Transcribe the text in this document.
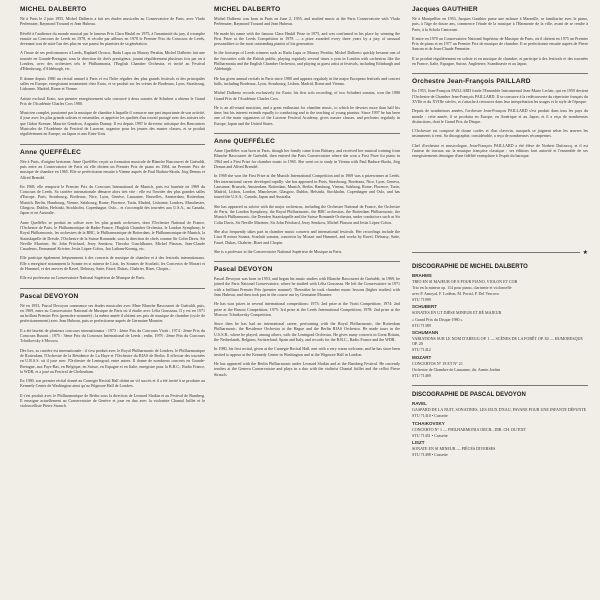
MICHEL DALBERTO

Né à Paris le 2 juin 1955, Michel Dalberto a fait ses études musicales au Conservatoire de Paris, avec Vlado Perlemuter, Raymond Trouard et Jean Hubeau.

Révélé à l'audience du monde musical par le fameux Prix Clara Haskil en 1975, à l'unanimité du jury, il triomphe ensuite au Concours de Leeds en 1978, et récolte par ailleurs en 1978 le Premier Prix du Concours de Leeds, devenant tout de suite l'un des plus en vue parmi les pianistes de sa génération.

A l'issue de ses performances à Leeds, Raphaël Orozco, Radu Lupu ou Murray Perahia, Michel Dalberto fait une tournée en Grande-Bretagne, sous la direction de chefs prestigieux, jouant régulièrement plusieurs fois par an à Londres, avec des orchestres tels le Philharmonia, l'English Chamber Orchestra, et invité au Festival d'Edimbourg, d'Aldeburgh, etc.

Il donne depuis 1980 un récital annuel à Paris et est l'hôte régulier des plus grands festivals et des principales salles en Europe, enregistrant notamment chez Erato, et se produit sur les scènes de Bordeaux, Lyon, Strasbourg, Lisbonne, Madrid, Rome et Vienne.

Artiste exclusif Erato, son premier enregistrement solo consacré à deux sonates de Schubert a obtenu le Grand Prix de l'Académie Charles Cros 1980.

Musicien complet, passionné par la musique de chambre à laquelle il consacre une part importante de son activité, il joue avec les plus grands solistes et ensembles, et apprécie les qualités d'un travail partagé avec des artistes tels que Gidon Kremer, Maurice Gendron, Augustin Dumay. Il est depuis 1997 le directeur artistique des Rencontres Musicales de l'Académie du Festival de Lucerne, organise pour les jeunes des master classes, et se produit régulièrement en Europe, au Japon et aux Etats-Unis.

Anne QUEFFÉLEC

Née à Paris, d'origine bretonne, Anne Queffélec reçoit sa formation musicale de Blanche Bascourret de Guéraldi, puis entre au Conservatoire de Paris où elle obtient un Premier Prix de piano en 1964, un Premier Prix de musique de chambre en 1965. Elle se perfectionne ensuite à Vienne auprès de Paul Badura-Skoda, Jörg Demus et Alfred Brendel.

En 1968, elle remporte le Premier Prix du Concours International de Munich, puis est lauréate en 1969 du Concours de Leeds. Sa carrière internationale démarre alors très vite : elle est l'invitée des plus grandes salles d'Europe, Paris, Strasbourg, Bordeaux, Nice, Lyon, Genève, Lausanne, Bruxelles, Amsterdam, Rotterdam, Munich, Berlin, Hambourg, Vienne, Salzbourg, Rome, Florence, Turin, Madrid, Lisbonne, Londres, Manchester, Glasgow, Dublin, Helsinki, Stockholm, Copenhague, Oslo... et s'accomplit des tournées aux U.S.A., au Canada, Japon et en Australie.

Anne Queffélec se produit en soliste avec les plus grands orchestres, dont l'Orchestre National de France, l'Orchestre de Paris, le Philharmonique de Radio-France, l'English Chamber Orchestra, le London Symphony, le Royal Philharmonic, les orchestres de la BBC, le Philharmonique de Rotterdam, le Philharmonique de Munich, la Staatskapelle de Dresde, l'Orchestre de la Suisse Romande, sous la direction de chefs comme Sir Colin Davis, Sir Neville Marriner, Sir John Pritchard, Jerzy Semkow, Theodor Guschlbauer, Michel Plasson, Jean-Claude Casadesus, Emmanuel Krivine, Jesús López-Cobos, Jan Latham-Koenig, etc.

Elle participe également fréquemment à des concerts de musique de chambre et à des festivals internationaux. Elle a enregistré notamment la Sonate en si mineur de Liszt, les Sonates de Scarlatti, les Concertos de Mozart et de Hummel, et des œuvres de Ravel, Debussy, Satie, Fauré, Dukas, Chabrier, Bizet, Chopin...

Elle est professeur au Conservatoire National Supérieur de Musique de Paris.

Pascal DEVOYON

Né en 1953, Pascal Devoyon commence ses études musicales avec Mme Blanche Bascourret de Guéraldi, puis, en 1969, entre au Conservatoire National de Musique de Paris où il étudie avec Lélia Gousseau. Il y est en 1971 un brillant Premier Prix (première nommée) ; la même année il obtient ses prix de musique de chambre (cycle de perfectionnement) avec Jean Hubeau, puis se perfectionne auprès de Germaine Mounier.

Il a été lauréat de plusieurs concours internationaux : 1973 : 2ème Prix du Concours Viotti ; 1974 : 2ème Prix du Concours Busoni ; 1975 : 3ème Prix du Concours International de Leeds ; enfin, 1978 : 2ème Prix du Concours Tchaïkovsky à Moscou.

Dès lors, sa carrière est internationale : il s'est produit avec le Royal Philharmonic de Londres, le Philharmonique de Rotterdam, l'Orchestre de la Résidence de La Haye et l'Orchestre du RIAS de Berlin. Il effectue des tournées en U.R.S.S. où il joue avec l'Orchestre de Leningrad, entre autres. Il donne de nombreux concerts en Grande-Bretagne, aux Pays-Bas, en Belgique, en Suisse, en Espagne et en Italie, enregistre pour la B.B.C., Radio France, la WDR, et a joué au Festival de Cheltenham.

En 1980, son premier récital donné au Carnegie Recital Hall obtint un vif succès et il a été invité à se produire au Kennedy Center de Washington ainsi qu'au Wigmore Hall de Londres.

Il s'est produit avec le Philharmonique de Berlin sous la direction de Leonard Slatkin et au Festival de Bamberg. Il enseigne actuellement au Conservatoire de Genève et joue en duo avec la violoniste Chantal Juillet et le violoncelliste Pierre Strauch.

MICHEL DALBERTO

Michel Dalberto was born in Paris on June 2, 1955, and studied music at the Paris Conservatoire with Vlado Perlemuter, Raymond Trouard and Jean Hubeau.

He made his name with the famous Clara Haskil Prize in 1975, and was confirmed in his place by winning the First Prize at the Leeds Competition in 1978 — a prize awarded every three years by a jury of unusual personalities to the most outstanding pianist of his generation.

In the footsteps of Leeds winners such as Radu Lupu or Murray Perahia, Michel Dalberto quickly became one of the favourites with the British public, playing regularly several times a year in London with orchestras like the Philharmonia and the English Chamber Orchestra, and playing as guest artist at festivals, including Edinburgh and Aldeburgh.

He has given annual recitals in Paris since 1980 and appears regularly in the major European festivals and concert halls, including Bordeaux, Lyon, Strasbourg, Lisbon, Madrid, Rome and Vienna.

Michel Dalberto records exclusively for Erato; his first solo recording, of two Schubert sonatas, won the 1980 Grand Prix de l'Académie Charles Cros.

He is an all-round musician, and a great enthusiast for chamber music, to which he devotes more than half his time; but his interest extends equally to conducting and to the teaching of young pianists. Since 1997 he has been one of the main organizers of the Lucerne Festival Academy, gives master classes, and performs regularly in Europe, Japan and the United States.

Anne QUEFFÉLEC

Anne Queffélec was born in Paris, though her family came from Brittany, and received her musical training from Blanche Bascourret de Guéraldi, then entered the Paris Conservatoire where she won a First Prize for piano in 1964 and a First Prize for chamber music in 1965. She went on to study in Vienna with Paul Badura-Skoda, Jörg Demus and Alfred Brendel.

In 1968 she won the First Prize at the Munich International Competition and in 1969 was a prizewinner at Leeds. Her international career developed rapidly: she has appeared in Paris, Strasbourg, Bordeaux, Nice, Lyon, Geneva, Lausanne, Brussels, Amsterdam, Rotterdam, Munich, Berlin, Hamburg, Vienna, Salzburg, Rome, Florence, Turin, Madrid, Lisbon, London, Manchester, Glasgow, Dublin, Helsinki, Stockholm, Copenhagen and Oslo, and has toured the U.S.A., Canada, Japan and Australia.

She has appeared as soloist with the major orchestras, including the Orchestre National de France, the Orchestre de Paris, the London Symphony, the Royal Philharmonic, the BBC orchestras, the Rotterdam Philharmonic, the Munich Philharmonic, the Dresden Staatskapelle and the Suisse Romande Orchestra, under conductors such as Sir Colin Davis, Sir Neville Marriner, Sir John Pritchard, Jerzy Semkow, Michel Plasson and Jesús López-Cobos.

She also frequently takes part in chamber music concerts and international festivals. Her recordings include the Liszt B minor Sonata, Scarlatti sonatas, concertos by Mozart and Hummel, and works by Ravel, Debussy, Satie, Fauré, Dukas, Chabrier, Bizet and Chopin.

She is a professor at the Conservatoire National Supérieur de Musique in Paris.

Pascal DEVOYON

Pascal Devoyon was born in 1953, and began his music studies with Blanche Bascourret de Guéraldi; in 1969, he joined the Paris National Conservatoire, where he studied with Lélia Gousseau. He left the Conservatoire in 1971 with a brilliant Premier Prix (premier nommé). Thereafter he took chamber music lessons (higher studies) with Jean Hubeau, and then took part in the course run by Germaine Mounier.

He has won prizes in several international competitions: 1973: 2nd prize at the Viotti Competition; 1974: 2nd prize at the Busoni Competition; 1975: 3rd prize at the Leeds International Competition; 1978: 2nd prize at the Moscow Tchaikovsky Competition.

Since then he has had an international career, performing with the Royal Philharmonic, the Rotterdam Philharmonic, the Residence Orchestra at the Hague and the Berlin RIAS Orchestra. He made tours in the U.S.S.R., where he played, among others, with the Leningrad Orchestra. He gives many concerts in Great Britain, the Netherlands, Belgium, Switzerland, Spain and Italy, and records for the B.B.C., Radio France and the WDR.

In 1980, his first recital, given at the Carnegie Recital Hall, met with a very warm welcome, and he has since been invited to appear at the Kennedy Center in Washington and at the Wigmore Hall in London.

He has appeared with the Berlin Philharmonic under Leonard Slatkin and at the Bamberg Festival. He currently teaches at the Geneva Conservatoire and plays in a duo with the violinist Chantal Juillet and the cellist Pierre Strauch.

Jacques GAUTHIER

Né à Montpellier en 1953, Jacques Gauthier passe une enfance à Marseille, se familiarise avec le piano, puis, à l'âge de douze ans, commence l'étude de la musique à l'Harmonie de la ville, avant de se rendre à Paris, à la Schola Cantorum.

Il entre en 1970 au Conservatoire National Supérieur de Musique de Paris, où il obtient en 1975 un Premier Prix de piano et en 1977 un Premier Prix de musique de chambre. Il se perfectionne ensuite auprès de Pierre Sancan et de Jean-Claude Pennetier.

Il se produit régulièrement en soliste et en musique de chambre, et participe à des festivals et des tournées en France, Italie, Espagne, Suisse, Angleterre, Scandinavie et au Japon.

Orchestre Jean-François PAILLARD

En 1953, Jean-François PAILLARD fonde l'Ensemble Instrumental Jean-Marie Leclair, qui en 1959 devient l'Orchestre de Chambre Jean-François PAILLARD. Il se consacre à la redécouverte du répertoire français du XVIIe et du XVIIIe siècles, et s'attache à retrouver dans leur interprétation les usages et le style de l'époque.

Depuis de nombreuses années, l'orchestre Jean-François PAILLARD s'est produit dans tous les pays du monde : cette année, il se produira en Europe, en Amérique et au Japon, et il a reçu de nombreuses distinctions, dont le Grand Prix du Disque.

L'Orchestre est composé de douze cordes et d'un clavecin, auxquels se joignent selon les œuvres les instruments à vent. Sa discographie, considérable, a reçu de nombreuses récompenses.

Chef d'orchestre et musicologue, Jean-François PAILLARD a été élève de Norbert Dufourcq, et il est l'auteur de travaux sur la musique française classique ; ses éditions font autorité et l'ensemble de ses enregistrements témoigne d'une fidélité exemplaire à l'esprit du baroque.

★
DISCOGRAPHIE DE MICHEL DALBERTO
BRAHMS
TRIO EN SI MAJEUR OP. 8 POUR PIANO, VIOLON ET COR
Trio en la mineur op. 114 pour piano, clarinette et violoncelle
avec P. Amoyal, F. Lodéon, M. Portal, P. Del Vescovo
STU 71099
SCHUBERT
SONATES EN UT DIÈSE MINEUR ET RÉ MAJEUR
« Grand Prix du Disque 1980 »
STU 71389
SCHUMANN
VARIATIONS SUR LE NOM D'ABEGG OP. 1 — SCÈNES DE LA FORÊT OP. 82 — HUMORESQUE OP. 20
STU 71412
MOZART
CONCERTOS N° 18 ET N° 21
Orchestre de Chambre de Lausanne, dir. Armin Jordan
STU 71469
DISCOGRAPHIE DE PASCAL DEVOYON
RAVEL
GASPARD DE LA NUIT, SONATINES, LES JEUX D'EAU, PAVANE POUR UNE INFANTE DÉFUNTE
STU 71410 • Cassette
TCHAIKOVSKY
CONCERTO N° 1 — PHILHARMONIA ORCH., DIR. CH. DUTOIT
STU 71451 • Cassette
LISZT
SONATE EN SI MINEUR — PIÈCES DIVERSES
STU 71498 • Cassette
